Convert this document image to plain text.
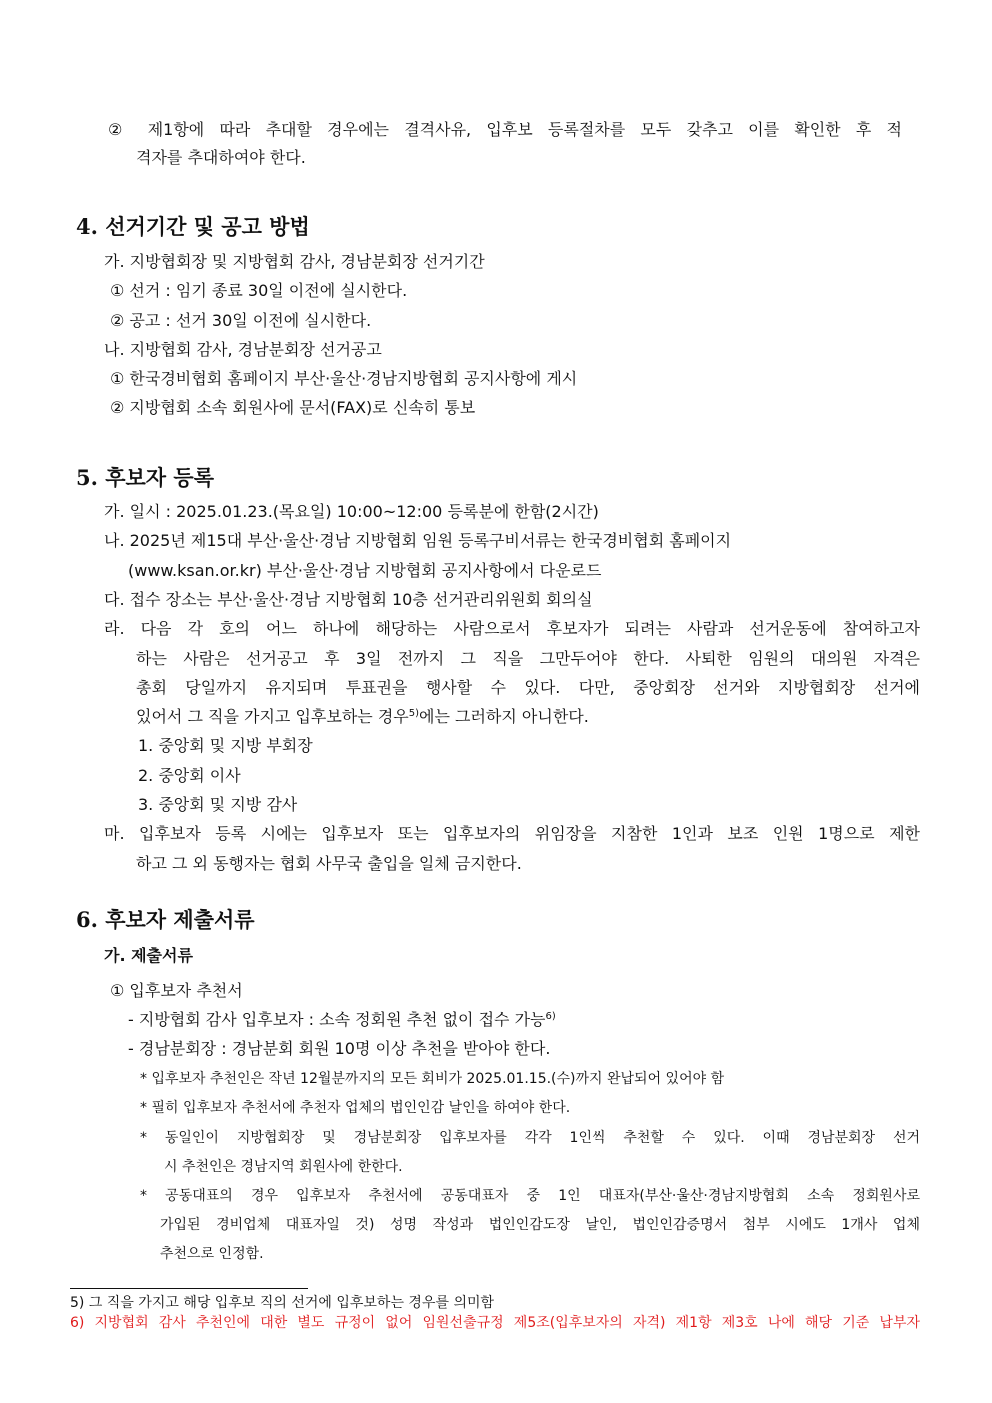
② 제1항에 따라 추대할 경우에는 결격사유, 입후보 등록절차를 모두 갖추고 이를 확인한 후 적
격자를 추대하여야 한다.
4. 선거기간 및 공고 방법
가. 지방협회장 및 지방협회 감사, 경남분회장 선거기간
① 선거 : 임기 종료 30일 이전에 실시한다.
② 공고 : 선거 30일 이전에 실시한다.
나. 지방협회 감사, 경남분회장 선거공고
① 한국경비협회 홈페이지 부산·울산·경남지방협회 공지사항에 게시
② 지방협회 소속 회원사에 문서(FAX)로 신속히 통보
5. 후보자 등록
가. 일시 : 2025.01.23.(목요일) 10:00~12:00 등록분에 한함(2시간)
나. 2025년 제15대 부산·울산·경남 지방협회 임원 등록구비서류는 한국경비협회 홈페이지
(www.ksan.or.kr) 부산·울산·경남 지방협회 공지사항에서 다운로드
다. 접수 장소는 부산·울산·경남 지방협회 10층 선거관리위원회 회의실
라. 다음 각 호의 어느 하나에 해당하는 사람으로서 후보자가 되려는 사람과 선거운동에 참여하고자
하는 사람은 선거공고 후 3일 전까지 그 직을 그만두어야 한다. 사퇴한 임원의 대의원 자격은
총회 당일까지 유지되며 투표권을 행사할 수 있다. 다만, 중앙회장 선거와 지방협회장 선거에
있어서 그 직을 가지고 입후보하는 경우$^{5)}$에는 그러하지 아니한다.
1. 중앙회 및 지방 부회장
2. 중앙회 이사
3. 중앙회 및 지방 감사
마. 입후보자 등록 시에는 입후보자 또는 입후보자의 위임장을 지참한 1인과 보조 인원 1명으로 제한
하고 그 외 동행자는 협회 사무국 출입을 일체 금지한다.
6. 후보자 제출서류
가. 제출서류
① 입후보자 추천서
- 지방협회 감사 입후보자 : 소속 정회원 추천 없이 접수 가능$^{6)}$
- 경남분회장 : 경남분회 회원 10명 이상 추천을 받아야 한다.
* 입후보자 추천인은 작년 12월분까지의 모든 회비가 2025.01.15.(수)까지 완납되어 있어야 함
* 필히 입후보자 추천서에 추천자 업체의 법인인감 날인을 하여야 한다.
* 동일인이 지방협회장 및 경남분회장 입후보자를 각각 1인씩 추천할 수 있다. 이때 경남분회장 선거
시 추천인은 경남지역 회원사에 한한다.
* 공동대표의 경우 입후보자 추천서에 공동대표자 중 1인 대표자(부산·울산·경남지방협회 소속 정회원사로
가입된 경비업체 대표자일 것) 성명 작성과 법인인감도장 날인, 법인인감증명서 첨부 시에도 1개사 업체
추천으로 인정함.
5) 그 직을 가지고 해당 입후보 직의 선거에 입후보하는 경우를 의미함
6) 지방협회 감사 추천인에 대한 별도 규정이 없어 임원선출규정 제5조(입후보자의 자격) 제1항 제3호 나에 해당 기준 납부자
